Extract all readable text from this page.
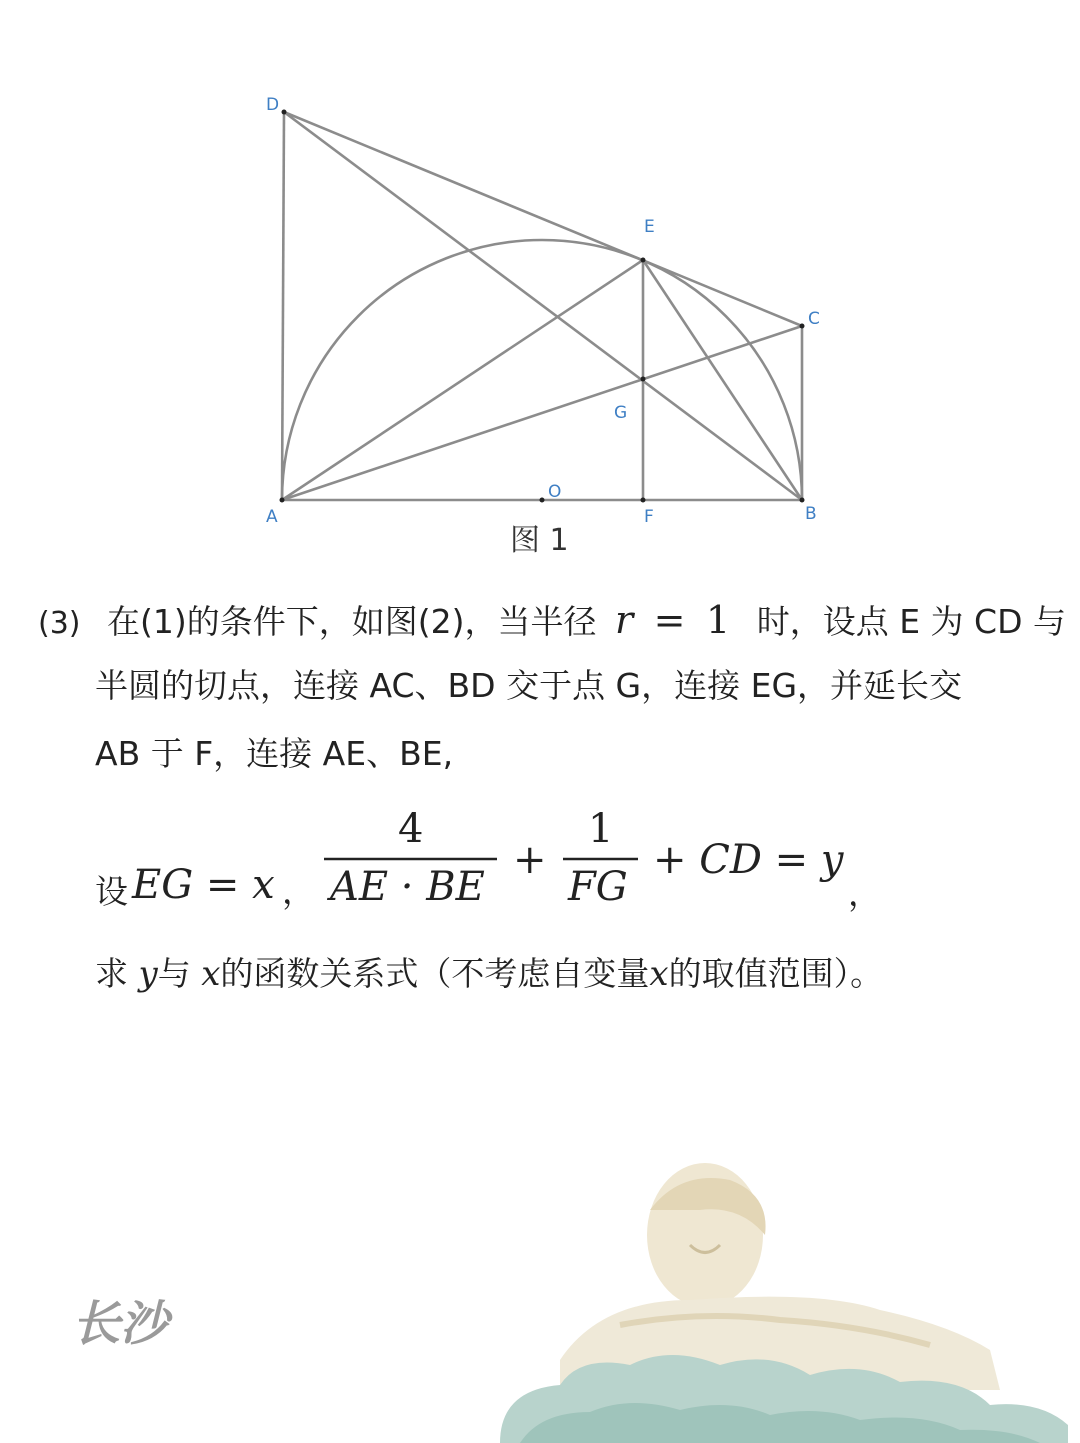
D
E
C
G
O
A	F	B
图 1
(3) 在(1)的条件下，如图(2)，当半径 r = 1 时，设点 E 为 CD 与
半圆的切点，连接 AC、BD 交于点 G，连接 EG，并延长交
AB 于 F，连接 AE、BE,
求 y与 x的函数关系式（不考虑自变量x的取值范围）。
设 EG = x ，
4
AE · BE
+
1
FG
+ CD = y
，
长沙
